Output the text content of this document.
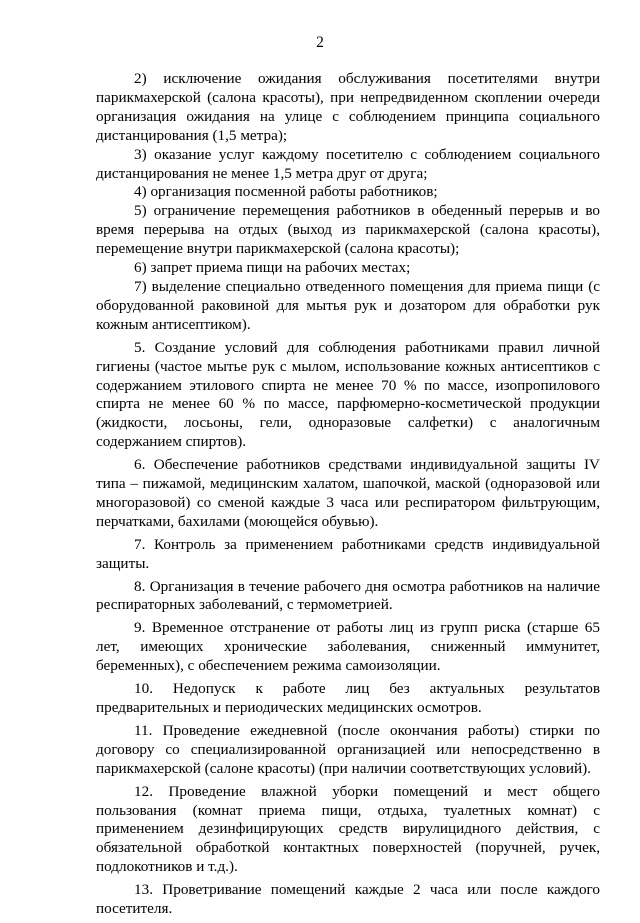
2

2) исключение ожидания обслуживания посетителями внутри парикмахерской (салона красоты), при непредвиденном скоплении очереди организация ожидания на улице с соблюдением принципа социального дистанцирования (1,5 метра);

3) оказание услуг каждому посетителю с соблюдением социального дистанцирования не менее 1,5 метра друг от друга;

4) организация посменной работы работников;

5) ограничение перемещения работников в обеденный перерыв и во время перерыва на отдых (выход из парикмахерской (салона красоты), перемещение внутри парикмахерской (салона красоты);

6) запрет приема пищи на рабочих местах;

7) выделение специально отведенного помещения для приема пищи (с оборудованной раковиной для мытья рук и дозатором для обработки рук кожным антисептиком).

5. Создание условий для соблюдения работниками правил личной гигиены (частое мытье рук с мылом, использование кожных антисептиков с содержанием этилового спирта не менее 70 % по массе, изопропилового спирта не менее 60 % по массе, парфюмерно-косметической продукции (жидкости, лосьоны, гели, одноразовые салфетки) с аналогичным содержанием спиртов).

6. Обеспечение работников средствами индивидуальной защиты IV типа – пижамой, медицинским халатом, шапочкой, маской (одноразовой или многоразовой) со сменой каждые 3 часа или респиратором фильтрующим, перчатками, бахилами (моющейся обувью).

7. Контроль за применением работниками средств индивидуальной защиты.

8. Организация в течение рабочего дня осмотра работников на наличие респираторных заболеваний, с термометрией.

9. Временное отстранение от работы лиц из групп риска (старше 65 лет, имеющих хронические заболевания, сниженный иммунитет, беременных), с обеспечением режима самоизоляции.

10. Недопуск к работе лиц без актуальных результатов предварительных и периодических медицинских осмотров.

11. Проведение ежедневной (после окончания работы) стирки по договору со специализированной организацией или непосредственно в парикмахерской (салоне красоты) (при наличии соответствующих условий).

12. Проведение влажной уборки помещений и мест общего пользования (комнат приема пищи, отдыха, туалетных комнат) с применением дезинфицирующих средств вирулицидного действия, с обязательной обработкой контактных поверхностей (поручней, ручек, подлокотников и т.д.).

13. Проветривание помещений каждые 2 часа или после каждого посетителя.
